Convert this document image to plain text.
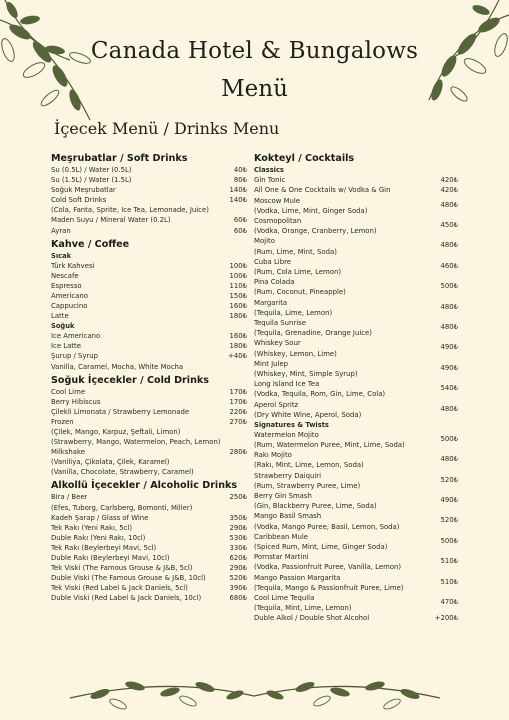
Canada Hotel & Bungalows
Menü
İçecek Menü / Drinks Menu
Meşrubatlar / Soft Drinks
Su (0.5L) / Water (0.5L)	40₺
Su (1.5L) / Water (1.5L)	80₺
Soğuk Meşrubatlar	140₺
Cold Soft Drinks	140₺
(Cola, Fanta, Sprite, Ice Tea, Lemonade, Juice)
Maden Suyu / Mineral Water (0.2L)	60₺
Ayran	60₺
Kahve / Coffee
Sıcak
Türk Kahvesi	100₺
Nescafe	100₺
Espresso	110₺
Americano	150₺
Cappucino	160₺
Latte	180₺
Soğuk
Ice Americano	160₺
Ice Latte	180₺
Şurup / Syrup	+40₺
Vanilla, Caramel, Mocha, White Mocha
Soğuk İçecekler / Cold Drinks
Cool Lime	170₺
Berry Hibiscus	170₺
Çilekli Limonata / Strawberry Lemonade	220₺
Frozen	270₺
(Çilek, Mango, Karpuz, Şeftali, Limon)
(Strawberry, Mango, Watermelon, Peach, Lemon)
Milkshake	280₺
(Vaniliya, Çikolata, Çilek, Karamel)
(Vanilla, Chocolate, Strawberry, Caramel)
Alkollü İçecekler / Alcoholic Drinks
Bira / Beer	250₺
(Efes, Tuborg, Carlsberg, Bomonti, Miller)
Kadeh Şarap / Glass of Wine	350₺
Tek Rakı (Yeni Rakı, 5cl)	290₺
Duble Rakı (Yeni Rakı, 10cl)	530₺
Tek Rakı (Beylerbeyi Mavi, 5cl)	330₺
Duble Rakı (Beylerbeyi Mavi, 10cl)	620₺
Tek Viski (The Famous Grouse & J&B, 5cl)	290₺
Duble Viski (The Famous Grouse & J&B, 10cl)	520₺
Tek Viski (Red Label & Jack Daniels, 5cl)	390₺
Duble Viski (Red Label & Jack Daniels, 10cl)	680₺
Kokteyl / Cocktails
Classics
Gin Tonic	420₺
All One & One Cocktails w/ Vodka & Gin	420₺
Moscow Mule
(Vodka, Lime, Mint, Ginger Soda)
480₺
Cosmopolitan
(Vodka, Orange, Cranberry, Lemon)
450₺
Mojito
(Rum, Lime, Mint, Soda)
480₺
Cuba Libre
(Rum, Cola Lime, Lemon)
460₺
Pina Colada
(Rum, Coconut, Pineapple)
500₺
Margarita
(Tequila, Lime, Lemon)
480₺
Tequila Sunrise
(Tequila, Grenadine, Orange Juice)
480₺
Whiskey Sour
(Whiskey, Lemon, Lime)
490₺
Mint Julep
(Whiskey, Mint, Simple Syrup)
490₺
Long Island Ice Tea
(Vodka, Tequila, Rom, Gin, Lime, Cola)
540₺
Aperol Spritz
(Dry White Wine, Aperol, Soda)
480₺
Signatures & Twists
Watermelon Mojito
(Rum, Watermelon Puree, Mint, Lime, Soda)
500₺
Rakı Mojito
(Rakı, Mint, Lime, Lemon, Soda)
480₺
Strawberry Daiquiri
(Rum, Strawberry Puree, Lime)
520₺
Berry Gin Smash
(Gin, Blackberry Puree, Lime, Soda)
490₺
Mango Basil Smash
(Vodka, Mango Puree, Basil, Lemon, Soda)
520₺
Caribbean Mule
(Spiced Rum, Mint, Lime, Ginger Soda)
500₺
Pornstar Martini
(Vodka, Passionfruit Puree, Vanilla, Lemon)
510₺
Mango Passion Margarita
(Tequila, Mango & Passionfruit Puree, Lime)
510₺
Cool Lime Tequila
(Tequila, Mint, Lime, Lemon)
470₺
Duble Alkol / Double Shot Alcohol	+200₺
